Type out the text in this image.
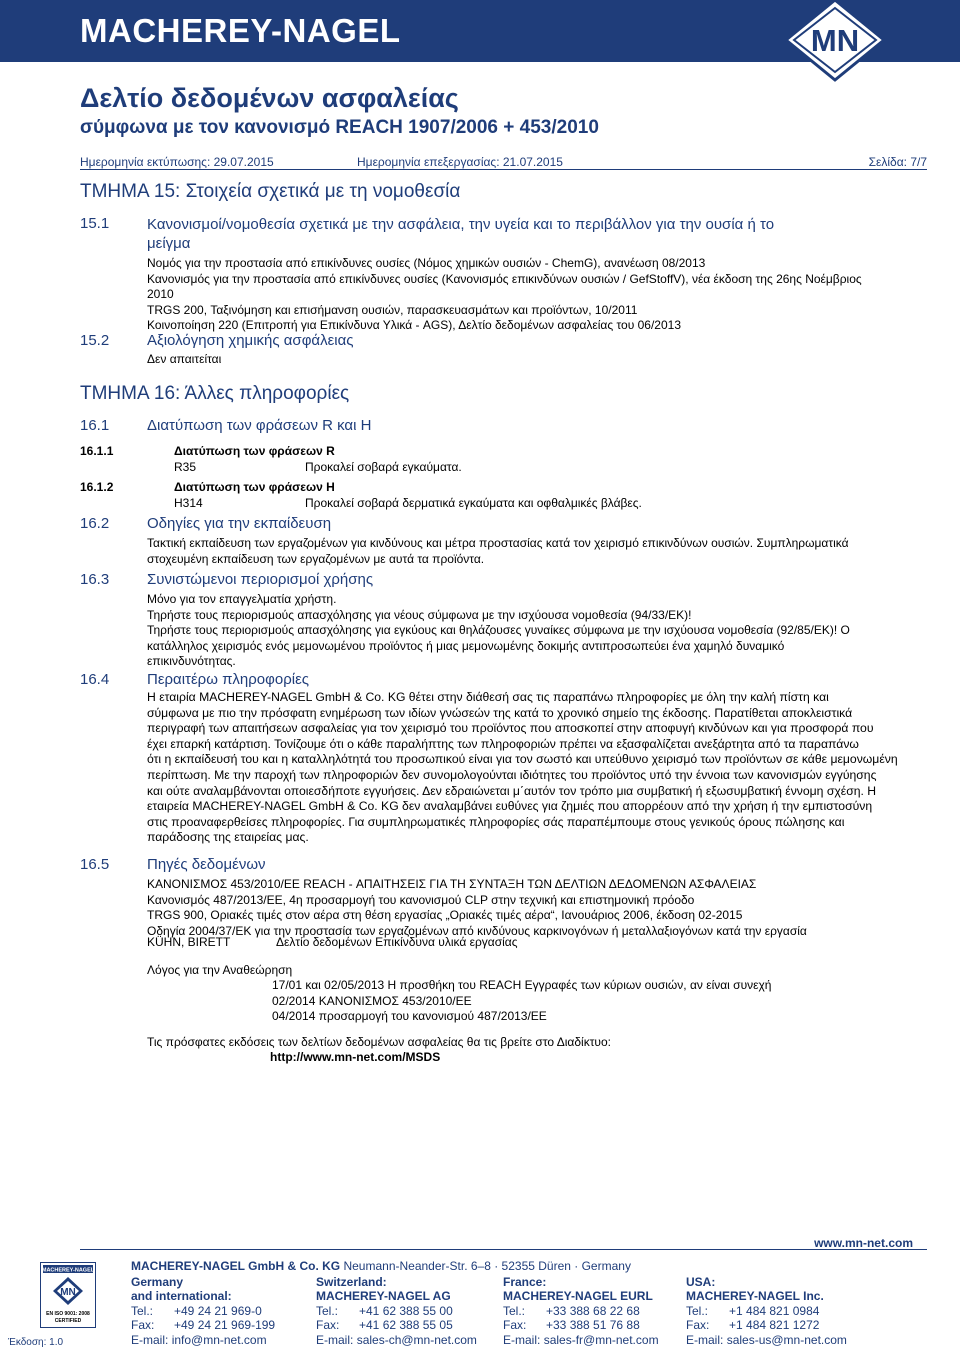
MACHEREY-NAGEL	MN
Δελτίο δεδομένων ασφαλείας
σύμφωνα με τον κανονισμό REACH 1907/2006 + 453/2010
Ημερομηνία εκτύπωσης: 29.07.2015	Ημερομηνία επεξεργασίας: 21.07.2015	Σελίδα: 7/7
ΤΜΗΜΑ 15: Στοιχεία σχετικά με τη νομοθεσία
15.1	Κανονισμοί/νομοθεσία σχετικά με την ασφάλεια, την υγεία και το περιβάλλον για την ουσία ή το
μείγμα
Νομός για την προστασία από επικίνδυνες ουσίες (Νόμος χημικών ουσιών - ChemG), ανανέωση 08/2013
Κανονισμός για την προστασία από επικίνδυνες ουσίες (Κανονισμός επικινδύνων ουσιών / GefStoffV), νέα έκδοση της 26ης Νοέμβριος
2010
TRGS 200, Ταξινόμηση και επισήμανση ουσιών, παρασκευασμάτων και προϊόντων, 10/2011
Κοινοποίηση 220 (Επιτροπή για Επικίνδυνα Υλικά - AGS), Δελτίο δεδομένων ασφαλείας του 06/2013
15.2	Αξιολόγηση χημικής ασφάλειας
Δεν απαιτείται
ΤΜΗΜΑ 16: Άλλες πληροφορίες
16.1	Διατύπωση των φράσεων R και H
16.1.1	Διατύπωση των φράσεων R
R35	Προκαλεί σοβαρά εγκαύματα.
16.1.2	Διατύπωση των φράσεων H
H314	Προκαλεί σοβαρά δερματικά εγκαύματα και οφθαλμικές βλάβες.
16.2	Οδηγίες για την εκπαίδευση
Τακτική εκπαίδευση των εργαζομένων για κινδύνους και μέτρα προστασίας κατά τον χειρισμό επικινδύνων ουσιών. Συμπληρωματικά
στοχευμένη εκπαίδευση των εργαζομένων με αυτά τα προϊόντα.
16.3	Συνιστώμενοι περιορισμοί χρήσης
Μόνο για τον επαγγελματία χρήστη.
Τηρήστε τους περιορισμούς απασχόλησης για νέους σύμφωνα με την ισχύουσα νομοθεσία (94/33/ΕΚ)!
Τηρήστε τους περιορισμούς απασχόλησης για εγκύους και θηλάζουσες γυναίκες σύμφωνα με την ισχύουσα νομοθεσία (92/85/ΕΚ)! Ο
κατάλληλος χειρισμός ενός μεμονωμένου προϊόντος ή μιας μεμονωμένης δοκιμής αντιπροσωπεύει ένα χαμηλό δυναμικό
επικινδυνότητας.
16.4	Περαιτέρω πληροφορίες
Η εταιρία MACHEREY-NAGEL GmbH & Co. KG θέτει στην διάθεσή σας τις παραπάνω πληροφορίες με όλη την καλή πίστη και
σύμφωνα με πιο την πρόσφατη ενημέρωση των ιδίων γνώσεών της κατά το χρονικό σημείο της έκδοσης. Παρατίθεται αποκλειστικά
περιγραφή των απαιτήσεων ασφαλείας για τον χειρισμό του προϊόντος που αποσκοπεί στην αποφυγή κινδύνων και για προσφορά που
έχει επαρκή κατάρτιση. Τονίζουμε ότι ο κάθε παραλήπτης των πληροφοριών πρέπει να εξασφαλίζεται ανεξάρτητα από τα παραπάνω
ότι η εκπαίδευσή του και η καταλληλότητά του προσωπικού είναι για τον σωστό και υπεύθυνο χειρισμό των προϊόντων σε κάθε μεμονωμένη
περίπτωση. Με την παροχή των πληροφοριών δεν συνομολογούνται ιδιότητες του προϊόντος υπό την έννοια των κανονισμών εγγύησης
και ούτε αναλαμβάνονται οποιεσδήποτε εγγυήσεις. Δεν εδραιώνεται μ΄αυτόν τον τρόπο μια συμβατική ή εξωσυμβατική έννομη σχέση. Η
εταιρεία MACHEREY-NAGEL GmbH & Co. KG δεν αναλαμβάνει ευθύνες για ζημιές που απορρέουν από την χρήση ή την εμπιστοσύνη
στις προαναφερθείσες πληροφορίες. Για συμπληρωματικές πληροφορίες σάς παραπέμπουμε στους γενικούς όρους πώλησης και
παράδοσης της εταιρείας μας.
16.5	Πηγές δεδομένων
ΚΑΝΟΝΙΣΜΟΣ 453/2010/ΕΕ REACH - ΑΠΑΙΤΗΣΕΙΣ ΓΙΑ ΤΗ ΣΥΝΤΑΞΗ ΤΩΝ ΔΕΛΤΙΩΝ ΔΕΔΟΜΕΝΩΝ ΑΣΦΑΛΕΙΑΣ
Κανονισμός 487/2013/ΕΕ, 4η προσαρμογή του κανονισμού CLP στην τεχνική και επιστημονική πρόοδο
TRGS 900, Οριακές τιμές στον αέρα στη θέση εργασίας „Οριακές τιμές αέρα“, Ιανουάριος 2006, έκδοση 02-2015
Οδηγία 2004/37/ΕΚ για την προστασία των εργαζομένων από κινδύνους καρκινογόνων ή μεταλλαξιογόνων κατά την εργασία
KÜHN, BIRETT	Δελτίο δεδομένων Επικίνδυνα υλικά εργασίας
Λόγος για την Αναθεώρηση
17/01 και 02/05/2013 Η προσθήκη του REACH Εγγραφές των κύριων ουσιών, αν είναι συνεχή
02/2014 ΚΑΝΟΝΙΣΜΟΣ 453/2010/ΕΕ
04/2014 προσαρμογή του κανονισμού 487/2013/ΕΕ
Τις πρόσφατες εκδόσεις των δελτίων δεδομένων ασφαλείας θα τις βρείτε στο Διαδίκτυο:
http://www.mn-net.com/MSDS
www.mn-net.com
MACHEREY-NAGEL
MN
EN ISO 9001: 2008
CERTIFIED
Έκδοση: 1.0
MACHEREY-NAGEL GmbH & Co. KG Neumann-Neander-Str. 6–8 · 52355 Düren · Germany
Germany
and international:
Tel.: +49 24 21 969-0
Fax: +49 24 21 969-199
E-mail: info@mn-net.com
Switzerland:
MACHEREY-NAGEL AG
Tel.: +41 62 388 55 00
Fax: +41 62 388 55 05
E-mail: sales-ch@mn-net.com
France:
MACHEREY-NAGEL EURL
Tel.: +33 388 68 22 68
Fax: +33 388 51 76 88
E-mail: sales-fr@mn-net.com
USA:
MACHEREY-NAGEL Inc.
Tel.: +1 484 821 0984
Fax: +1 484 821 1272
E-mail: sales-us@mn-net.com
